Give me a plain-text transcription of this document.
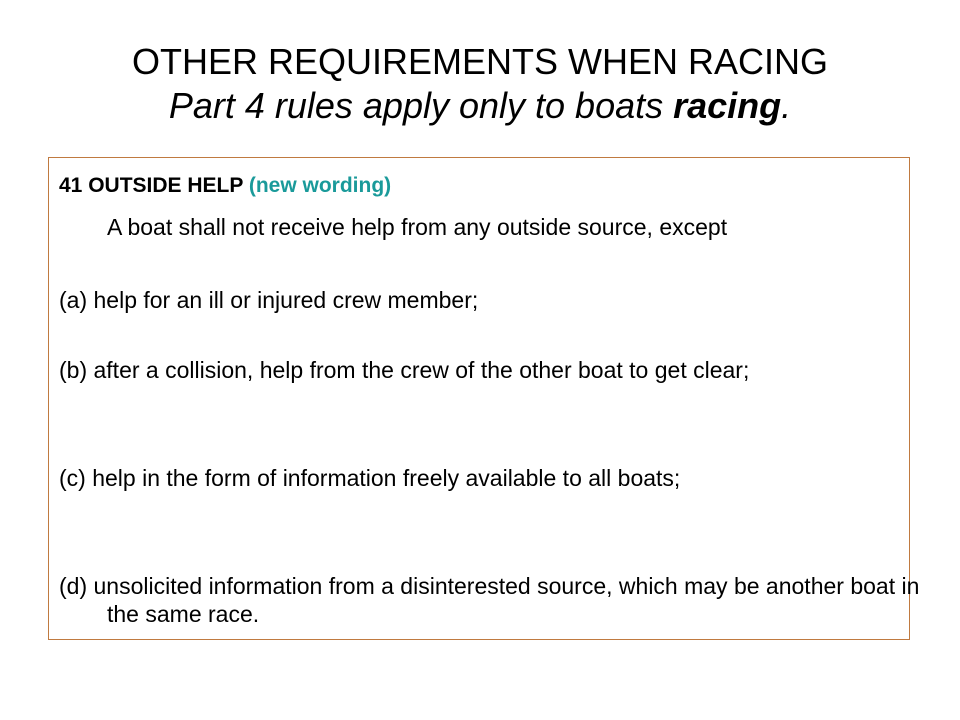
OTHER REQUIREMENTS WHEN RACING
Part 4 rules apply only to boats racing.
41 OUTSIDE HELP (new wording)
A boat shall not receive help from any outside source, except
(a) help for an ill or injured crew member;
(b) after a collision, help from the crew of the other boat to get clear;
(c) help in the form of information freely available to all boats;
(d) unsolicited information from a disinterested source, which may be another boat in the same race.
